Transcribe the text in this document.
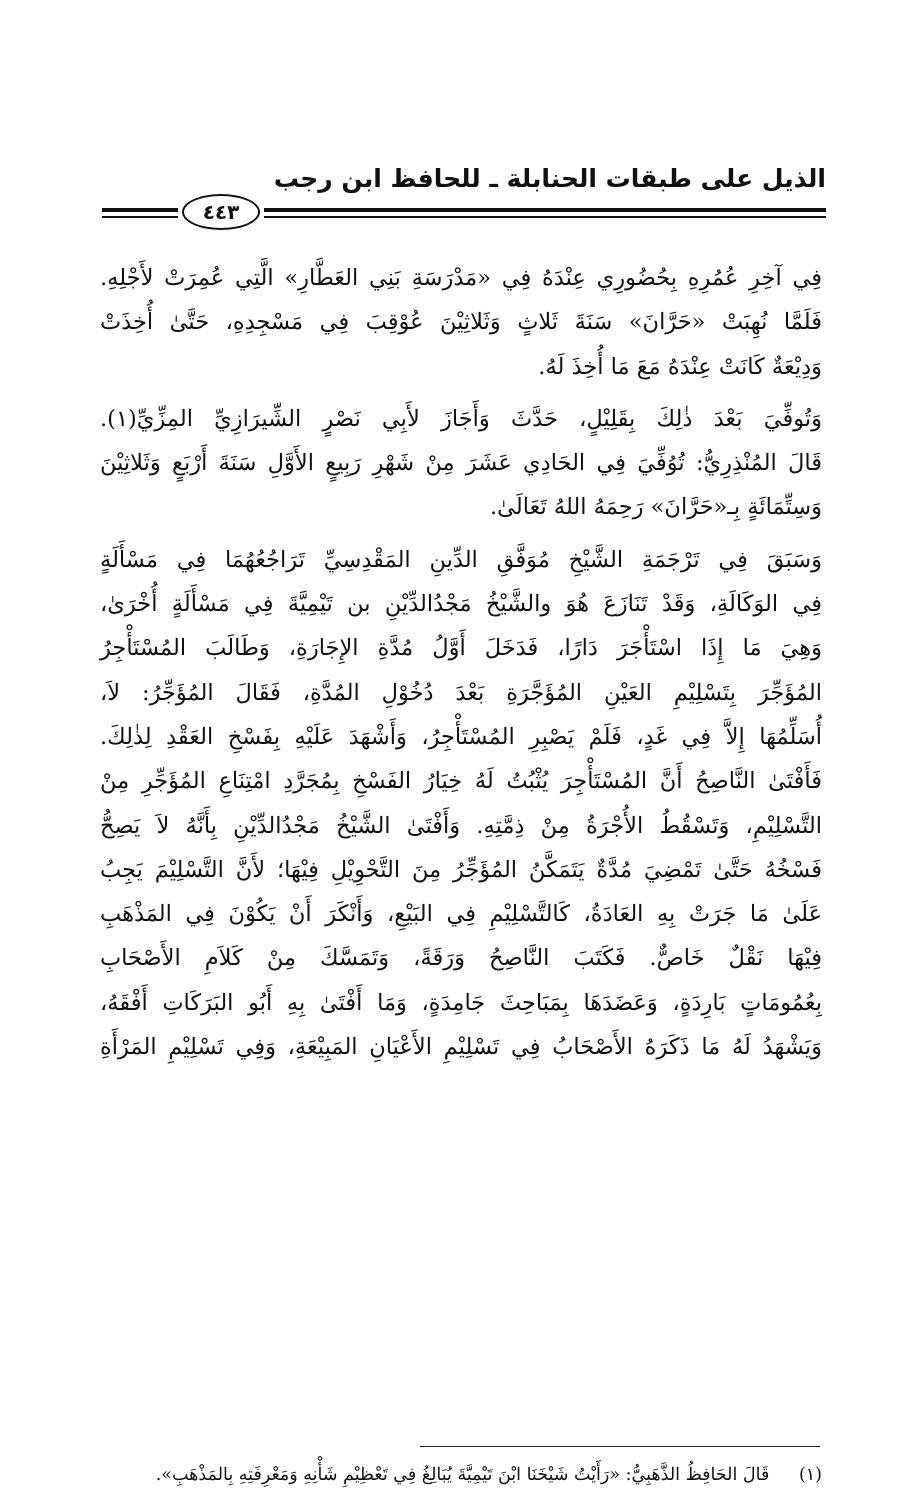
الذيل على طبقات الحنابلة ـ للحافظ ابن رجب
٤٤٣
فِي آخِرِ عُمُرِهِ بِحُضُورِي عِنْدَهُ فِي «مَدْرَسَةِ بَنِي العَطَّارِ» الَّتِي عُمِرَتْ لأَجْلِهِ.
فَلَمَّا نُهِبَتْ «حَرَّانَ» سَنَةَ ثَلاثٍ وَثَلاثِيْنَ عُوْقِبَ فِي مَسْجِدِهِ، حَتَّىٰ أُخِذَتْ
وَدِيْعَةٌ كَانَتْ عِنْدَهُ مَعَ مَا أُخِذَ لَهُ.
وَتُوفِّيَ بَعْدَ ذٰلِكَ بِقَلِيْلٍ، حَدَّثَ وَأَجَازَ لأَبِي نَصْرٍ الشِّيرَازِيِّ المِزِّيِّ(١).
قَالَ المُنْذِرِيُّ: تُوُفِّيَ فِي الحَادِي عَشَرَ مِنْ شَهْرِ رَبِيعٍ الأَوَّلِ سَنَةَ أَرْبَعٍ وَثَلاثِيْنَ
وَسِتِّمَائَةٍ بِـ«حَرَّانَ» رَحِمَهُ اللهُ تَعَالَىٰ.
وَسَبَقَ فِي تَرْجَمَةِ الشَّيْخِ مُوَفَّقِ الدِّينِ المَقْدِسِيِّ تَرَاجُعُهُمَا فِي مَسْأَلَةٍ
فِي الوَكَالَةِ، وَقَدْ تَنَازَعَ هُوَ والشَّيْخُ مَجْدُالدِّيْنِ بن تَيْمِيَّةَ فِي مَسْأَلَةٍ أُخْرَىٰ،
وَهِيَ مَا إِذَا اسْتَأْجَرَ دَارًا، فَدَخَلَ أَوَّلُ مُدَّةِ الإِجَارَةِ، وَطَالَبَ المُسْتَأْجِرُ
المُؤَجِّرَ بِتَسْلِيْمِ العَيْنِ المُؤَجَّرَةِ بَعْدَ دُخُوْلِ المُدَّةِ، فَقَالَ المُؤَجِّرُ: لاَ،
أُسَلِّمُهَا إِلاَّ فِي غَدٍ، فَلَمْ يَصْبِرِ المُسْتَأْجِرُ، وَأَشْهَدَ عَلَيْهِ بِفَسْخِ العَقْدِ لِذٰلِكَ.
فَأَفْتَىٰ النَّاصِحُ أَنَّ المُسْتَأْجِرَ يُثْبُتُ لَهُ خِيَارُ الفَسْخِ بِمُجَرَّدِ امْتِنَاعِ المُؤَجِّرِ مِنْ
التَّسْلِيْمِ، وَتَسْقُطُ الأُجْرَةُ مِنْ ذِمَّتِهِ. وَأَفْتَىٰ الشَّيْخُ مَجْدُالدِّيْنِ بِأَنَّهُ لاَ يَصِحُّ
فَسْخُهُ حَتَّىٰ تَمْضِيَ مُدَّةٌ يَتَمَكَّنُ المُؤَجِّرُ مِنَ التَّحْوِيْلِ فِيْهَا؛ لأَنَّ التَّسْلِيْمَ يَجِبُ
عَلَىٰ مَا جَرَتْ بِهِ العَادَةُ، كَالتَّسْلِيْمِ فِي البَيْعِ، وَأَنْكَرَ أَنْ يَكُوْنَ فِي المَذْهَبِ
فِيْهَا نَقْلٌ خَاصٌّ. فَكَتَبَ النَّاصِحُ وَرَقَةً، وَتَمَسَّكَ مِنْ كَلاَمِ الأَصْحَابِ
بِعُمُومَاتٍ بَارِدَةٍ، وَعَضَدَهَا بِمَبَاحِثَ جَامِدَةٍ، وَمَا أَفْتَىٰ بِهِ أَبُو البَرَكَاتِ أَفْقَهُ،
وَيَشْهَدُ لَهُ مَا ذَكَرَهُ الأَصْحَابُ فِي تَسْلِيْمِ الأَعْيَانِ المَبِيْعَةِ، وَفِي تَسْلِيْمِ المَرْأَةِ
(١) قَالَ الحَافِظُ الذَّهَبِيُّ: «رَأَيْتُ شَيْخَنَا ابْنَ تَيْمِيَّةَ يُبَالِغُ فِي تَعْظِيْمِ شَأْنِهِ وَمَعْرِفَتِهِ بِالمَذْهَبِ».
